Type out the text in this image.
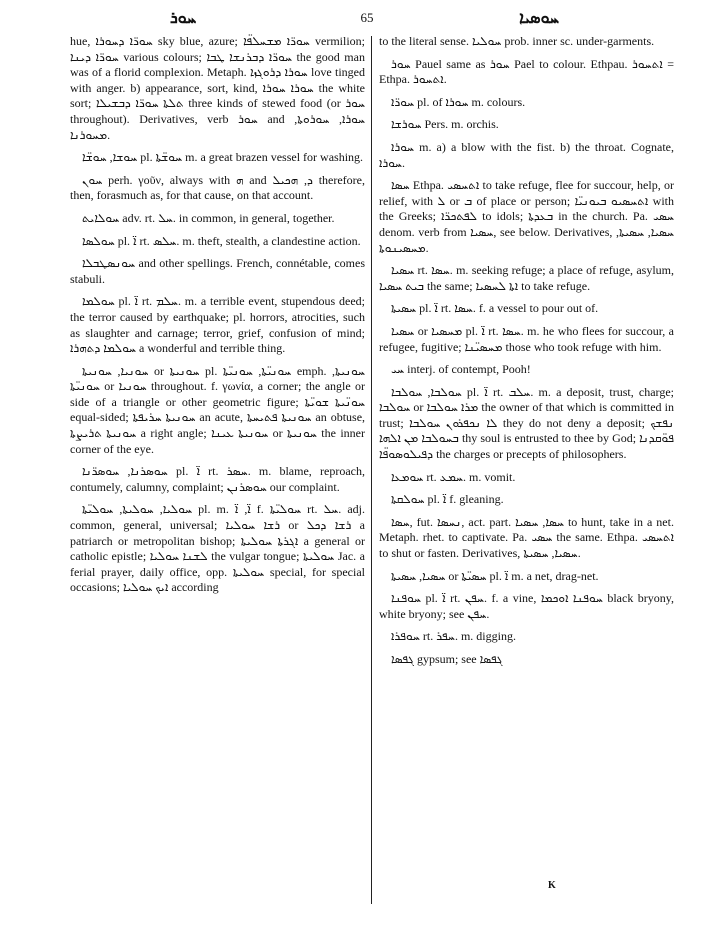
ܚܘܪ	65	ܚܘܣܝܐ

hue, ܚܘܪ̈ܐ ܕܚܘܪܐ sky blue, azure; ܚܘܪ̈ܐ ܡܫܚܠܦ̈ܐ vermilion; ܚܘܪ̈ܐ ܕܝܢܐ various colours; ܚܘܪ̈ܐ ܕܒܪܢܫܐ ܛܒܐ the good man was of a florid complexion. Metaph. ܚܘܪܐ ܕܪܘܓܙܐ love tinged with anger. b) appearance, sort, kind, ܚܘܪܐ ܚܘܪܐ the white sort; ܬܠܬܐ ܚܘܪ̈ܐ ܕܒܫܝܠܐ three kinds of stewed food (or ܚܘܪ throughout). Derivatives, verb ܚܘܪ and ܚܘܪܐ, ܚܘܪܘܬܐ, ܡܚܘܪܢܐ.

ܚܘܫܐ, ܚܘܫ̈ܐ pl. ܚܘܫ̈ܬܐ m. a great brazen vessel for washing.

ܚܘܢ perh. γοῦν, always with ܗ and ܕ, ܗܟܝܠ therefore, then, forasmuch as, for that cause, on that account.

ܚܘܠܐܝܬ adv. rt. ܚܠ. in common, in general, together.

ܚܘܠܣܐ pl. ܐ̈ rt. ܚܠܣ. m. theft, stealth, a clandestine action.

ܚܘܢܣܛܒܠܐ and other spellings. French, connétable, comes stabuli.

ܚܘܠܡܐ pl. ܐ̈ rt. ܚܠܡ. m. a terrible event, stupendous deed; the terror caused by earthquake; pl. horrors, atrocities, such as slaughter and carnage; terror, grief, confusion of mind; ܚܘܠܡܐ ܕܬܗܪܐ a wonderful and terrible thing.

ܚܘܢܝܐ, ܚܘܢܝܬܐ or ܚܘܢܝܬܐ pl. ܚܘܢܝ̈ܬܐ, ܚܘܢܝ̈ܬܐ emph. ܚܘܢܝܬܐ, ܚܘܢܝ̈ܬܐ or ܚܘܢܝܐ throughout. f. γωνία, a corner; the angle or side of a triangle or other geometric figure; ܚܘܢ̈ܝܬܐ ܫܘܝ̈ܬܐ equal-sided; ܚܘܢܝܬܐ ܚܪܝܦܬܐ an acute, ܚܘܢܝܬܐ ܦܬܝܚܬܐ an obtuse, ܚܘܢܝܬܐ ܬܪܝܨܬܐ a right angle; ܚܘܢܝܬܐ ܥܝܢܐ or ܚܘܢܝܬܐ the inner corner of the eye.

ܚܘܣܪܢܐ, ܚܘܣܪ̈ܢܐ pl. ܐ̈ rt. ܚܣܪ. m. blame, reproach, contumely, calumny, complaint; ܚܘܣܪܢܢ our complaint.

ܚܘܠܝܐ, ܚܘܠܝܬܐ, ܚܘܠܝ̈ܬܐ pl. m. ܐ̈, ܐ̈ f. ܚܘܠܝ̈ܬܐ rt. ܚܠ. adj. common, general, universal; ܪܫܐ ܚܘܠܝܐ or ܪܫܐ ܕܟܠ a patriarch or metropolitan bishop; ܐܓܪܬܐ ܚܘܠܝܬܐ a general or catholic epistle; ܠܫܢܐ ܚܘܠܝܐ the vulgar tongue; ܚܘܠܝܬܐ Jac. a ferial prayer, daily office, opp. ܚܘܠܝܬܐ special, for special occasions; ܐܝܟ ܚܘܠܝܐ according

to the literal sense. ܚܘܠܝܐ prob. inner sc. under-garments.

ܚܘܪ Pauel same as ܚܘܪ Pael to colour. Ethpau. ܐܬܚܘܪ = Ethpa. ܐܬܚܘܪ.

ܚܘܪ̈ܐ pl. of ܚܘܪܐ m. colours.

ܚܘܪܫܐ Pers. m. orchis.

ܚܘܪܐ m. a) a blow with the fist. b) the throat. Cognate, ܚܘܪܐ.

ܚܣܐ Ethpa. ܐܬܚܣܝ to take refuge, flee for succour, help, or relief, with ܠ or ܒ of place or person; ܐܬܚܣܝܘ ܒܝܘܢܝ̈ܐ with the Greeks; ܠܦܬܟܪ̈ܐ to idols; ܒܥܕܬܐ in the church. Pa. ܚܣܝ denom. verb from ܚܣܝܐ, see below. Derivatives, ܚܣܝܐ, ܚܣܝܬܐ, ܡܚܣܝܢܘܬܐ.

ܚܣܝܐ rt. ܚܣܐ. m. seeking refuge; a place of refuge, asylum, ܒܝܬ ܚܣܝܐ the same; ܐܬܐ ܠܚܣܝܐ to take refuge.

ܚܣܝܬܐ pl. ܐ̈ rt. ܚܣܐ. f. a vessel to pour out of.

ܚܣܝܐ or ܡܚܣܝܐ pl. ܐ̈ rt. ܚܣܐ. m. he who flees for succour, a refugee, fugitive; ܡܚܣܝ̈ܢܐ those who took refuge with him.

ܚܝ interj. of contempt, Pooh!

ܚܘܠܒܐ, ܚܘܠܒܐ pl. ܐ̈ rt. ܚܠܒ. m. a deposit, trust, charge; ܚܘܠܒܐ or ܡܪܐ ܚܘܠܒܐ the owner of that which is committed in trust; ܠܐ ܢܟܦܪܘܢ ܚܘܠܒܐ they do not deny a deposit; ܢܦܫܟ ܒܚܘܠܒܐ ܡܢ ܐܠܗܐ thy soul is entrusted to thee by God; ܦܘ̈ܩܕܢܐ ܕܦܝܠܘܣܘܦ̈ܐ the charges or precepts of philosophers.

ܚܘܡܥܐ rt. ܚܡܥ. m. vomit.

ܚܘܠܩܬܐ pl. ܐ̈ f. gleaning.

ܚܣܐ, fut. ܢܚܣܐ, act. part. ܚܣܐ, ܚܣܝܐ to hunt, take in a net. Metaph. rhet. to captivate. Pa. ܚܣܝ the same. Ethpa. ܐܬܚܣܝ to shut or fasten. Derivatives, ܚܣܝܐ, ܚܣܝܬܐ.

ܚܣܝܐ, ܚܣܝܬܐ or ܚܣܝ̈ܬܐ pl. ܐ̈ m. a net, drag-net.

ܚܘܦܢܐ pl. ܐ̈ rt. ܚܦܢ. f. a vine, ܚܘܦܢܐ ܐܘܟܡܐ black bryony, white bryony; see ܚܦܢ.

ܚܘܦܪܐ rt. ܚܦܪ. m. digging.

ܓܦܣܐ gypsum; see ܓܦܣܐ

K
